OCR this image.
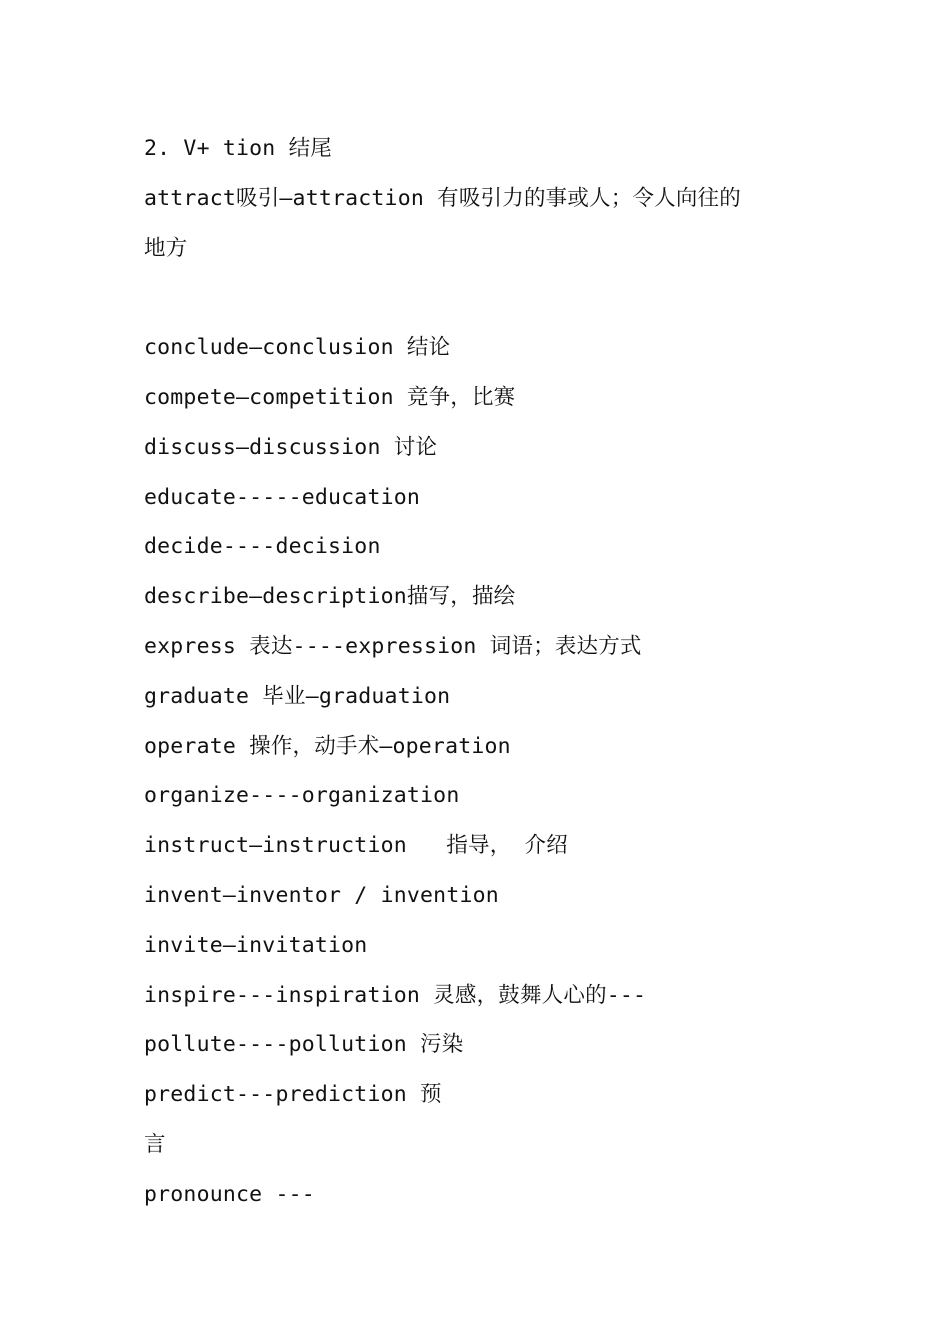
2. V+ tion 结尾
attract吸引—attraction 有吸引力的事或人；令人向往的
地方
conclude—conclusion 结论
compete—competition 竞争，比赛
discuss—discussion 讨论
educate-----education
decide----decision
describe—description描写，描绘
express 表达----expression 词语；表达方式
graduate 毕业—graduation
operate 操作，动手术—operation
organize----organization
instruct—instruction   指导， 介绍
invent—inventor / invention
invite—invitation
inspire---inspiration 灵感，鼓舞人心的---
pollute----pollution 污染
predict---prediction 预
言
pronounce ---
